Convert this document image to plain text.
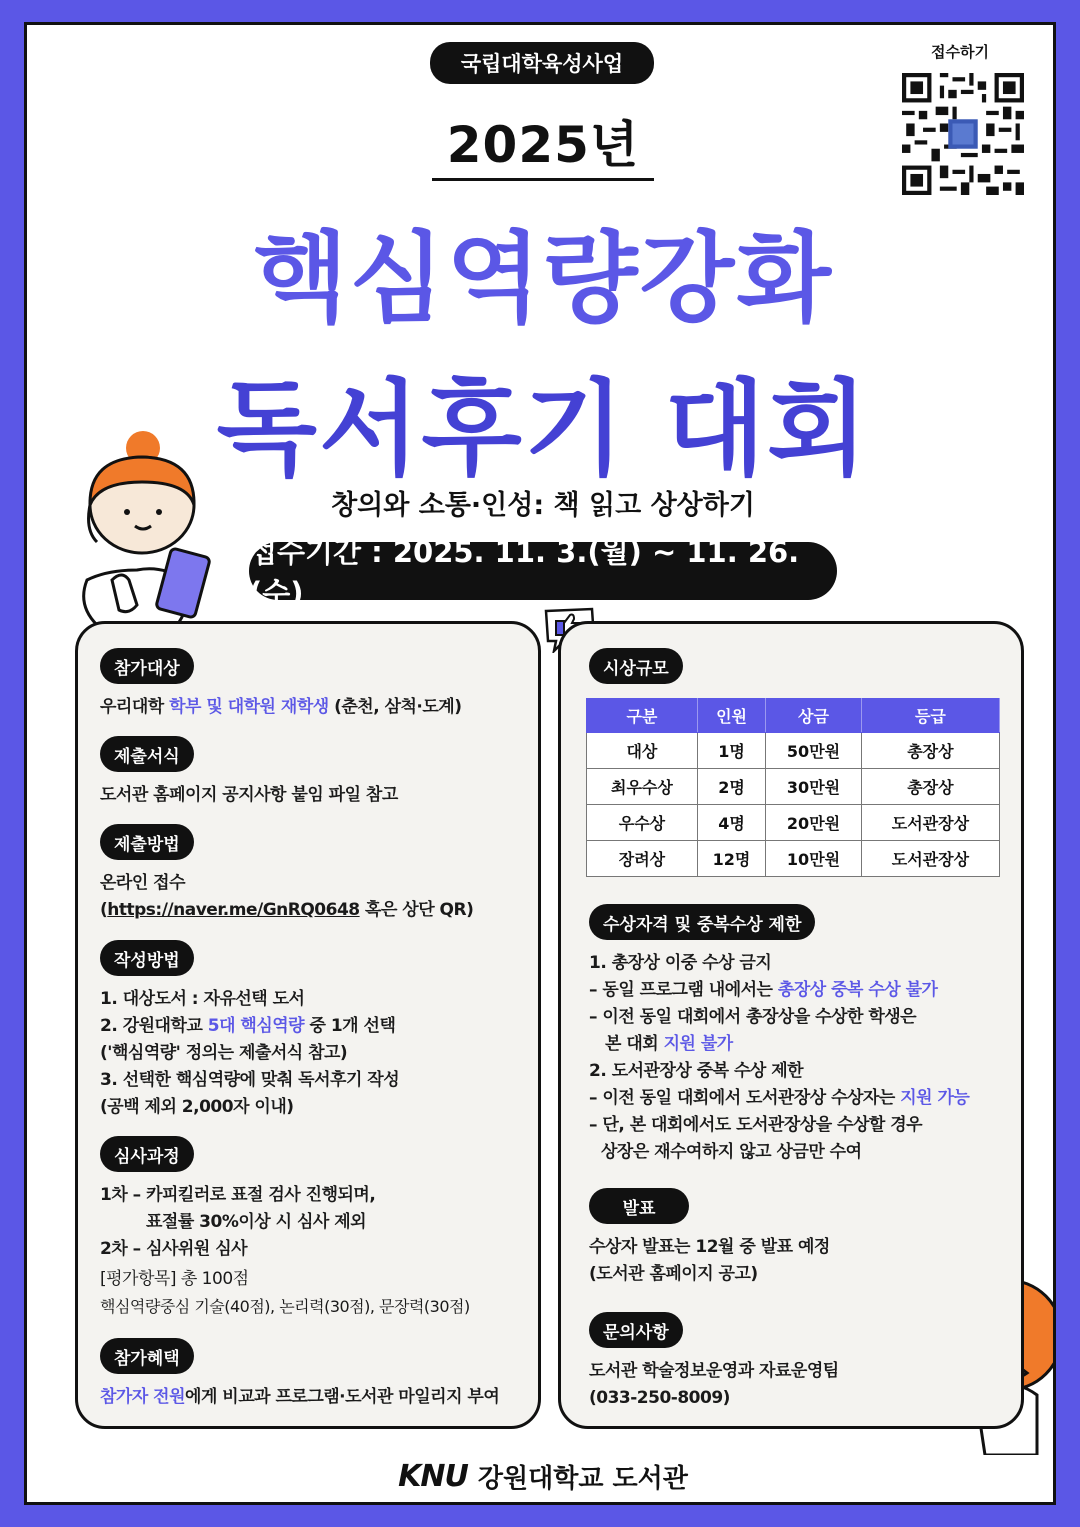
국립대학육성사업
2025년
핵심역량강화
독서후기 대회
창의와 소통·인성: 책 읽고 상상하기
접수기간 : 2025. 11. 3.(월) ~ 11. 26.(수)
접수하기
참가대상
우리대학 학부 및 대학원 재학생 (춘천, 삼척·도계)
제출서식
도서관 홈페이지 공지사항 붙임 파일 참고
제출방법
온라인 접수
(https://naver.me/GnRQ0648 혹은 상단 QR)
작성방법
1. 대상도서 : 자유선택 도서
2. 강원대학교 5대 핵심역량 중 1개 선택
('핵심역량' 정의는 제출서식 참고)
3. 선택한 핵심역량에 맞춰 독서후기 작성
(공백 제외 2,000자 이내)
심사과정
1차 – 카피킬러로 표절 검사 진행되며,
표절률 30%이상 시 심사 제외
2차 – 심사위원 심사
[평가항목] 총 100점
핵심역량중심 기술(40점), 논리력(30점), 문장력(30점)
참가혜택
참가자 전원에게 비교과 프로그램·도서관 마일리지 부여
시상규모
구분	인원	상금	등급
대상	1명	50만원	총장상
최우수상	2명	30만원	총장상
우수상	4명	20만원	도서관장상
장려상	12명	10만원	도서관장상
수상자격 및 중복수상 제한
1. 총장상 이중 수상 금지
– 동일 프로그램 내에서는 총장상 중복 수상 불가
– 이전 동일 대회에서 총장상을 수상한 학생은
본 대회 지원 불가
2. 도서관장상 중복 수상 제한
– 이전 동일 대회에서 도서관장상 수상자는 지원 가능
– 단, 본 대회에서도 도서관장상을 수상할 경우
상장은 재수여하지 않고 상금만 수여
발표
수상자 발표는 12월 중 발표 예정
(도서관 홈페이지 공고)
문의사항
도서관 학술정보운영과 자료운영팀
(033-250-8009)
KNU 강원대학교 도서관
